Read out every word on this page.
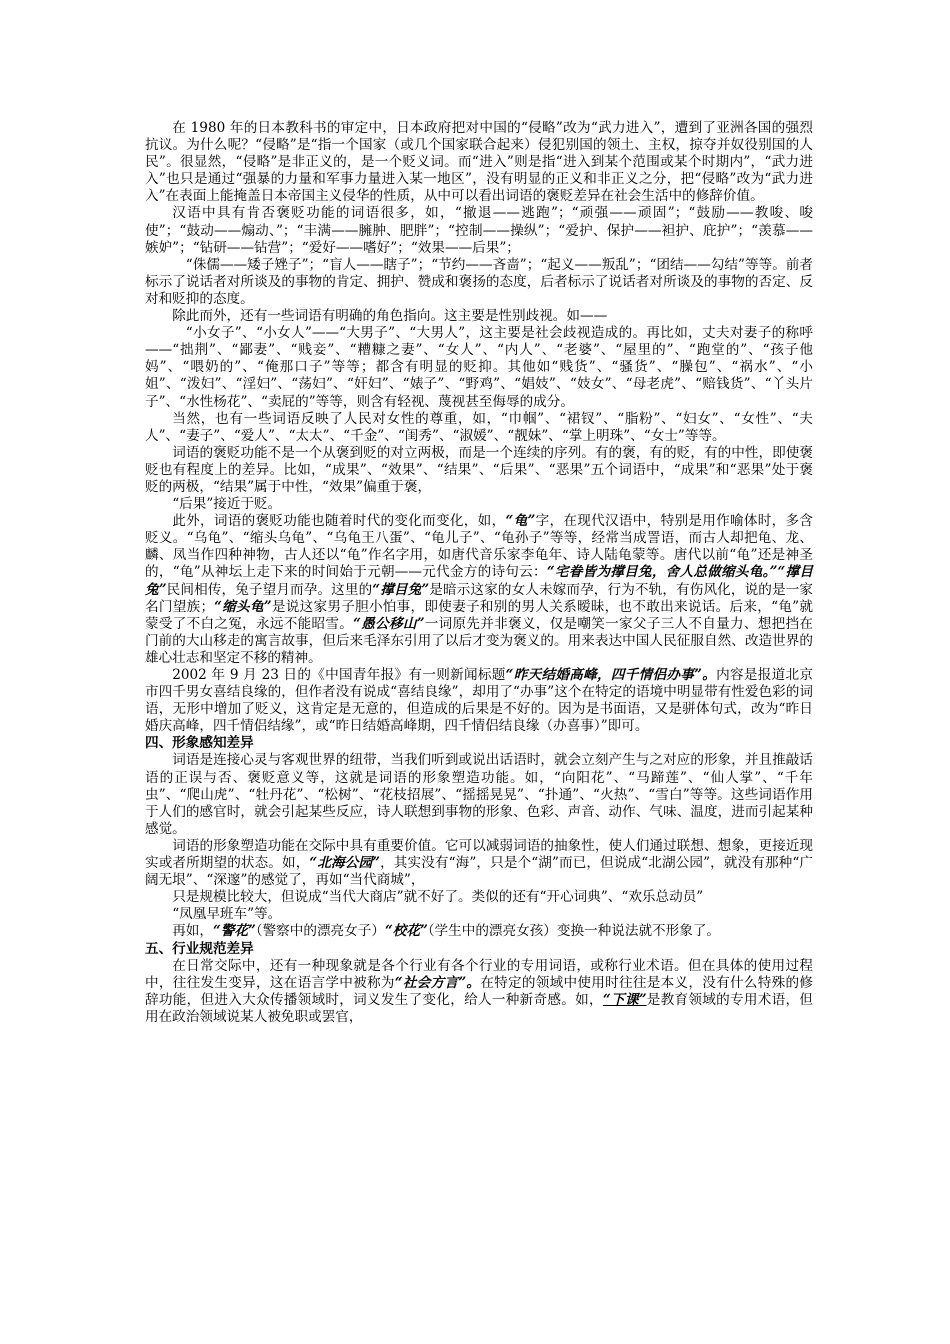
在 1980 年的日本教科书的审定中，日本政府把对中国的“侵略”改为“武力进入”，遭到了亚洲各国的强烈抗议。为什么呢？“侵略”是“指一个国家（或几个国家联合起来）侵犯别国的领土、主权，掠夺并奴役别国的人民”。很显然，“侵略”是非正义的，是一个贬义词。而“进入”则是指“进入到某个范围或某个时期内”，“武力进入”也只是通过“强暴的力量和军事力量进入某一地区”，没有明显的正义和非正义之分，把“侵略”改为“武力进入”在表面上能掩盖日本帝国主义侵华的性质，从中可以看出词语的褒贬差异在社会生活中的修辞价值。

汉语中具有肯否褒贬功能的词语很多，如，“撤退——逃跑”；“顽强——顽固”；“鼓励——教唆、唆使”；“鼓动——煽动、”；“丰满——臃肿、肥胖”；“控制——操纵”；“爱护、保护——袒护、庇护”；“羡慕——嫉妒”；“钻研——钻营”；“爱好——嗜好”；“效果——后果”；

“侏儒——矮子矬子”；“盲人——瞎子”；“节约——吝啬”；“起义——叛乱”；“团结——勾结”等等。前者标示了说话者对所谈及的事物的肯定、拥护、赞成和褒扬的态度，后者标示了说话者对所谈及的事物的否定、反对和贬抑的态度。

除此而外，还有一些词语有明确的角色指向。这主要是性别歧视。如——

“小女子”、“小女人”——“大男子”、“大男人”，这主要是社会歧视造成的。再比如，丈夫对妻子的称呼——“拙荆”、“鄙妻”、“贱妾”、“糟糠之妻”、“女人”、“内人”、“老婆”、“屋里的”、“跑堂的”、“孩子他妈”、“喂奶的”、“俺那口子”等等；都含有明显的贬抑。其他如“贱货”、“骚货”、“臊包”、“祸水”、“小姐”、“泼妇”、“淫妇”、“荡妇”、“奸妇”、“婊子”、“野鸡”、“娼妓”、“妓女”、“母老虎”、“赔钱货”、“丫头片子”、“水性杨花”、“卖屁的”等等，则含有轻视、蔑视甚至侮辱的成分。

当然，也有一些词语反映了人民对女性的尊重，如，“巾帼”、“裙钗”、“脂粉”、“妇女”、“女性”、“夫人”、“妻子”、“爱人”、“太太”、“千金”、“闺秀”、“淑媛”、“靓妹”、“掌上明珠”、“女士”等等。

词语的褒贬功能不是一个从褒到贬的对立两极，而是一个连续的序列。有的褒，有的贬，有的中性，即使褒贬也有程度上的差异。比如，“成果”、“效果”、“结果”、“后果”、“恶果”五个词语中，“成果”和“恶果”处于褒贬的两极，“结果”属于中性，“效果”偏重于褒，

“后果”接近于贬。

此外，词语的褒贬功能也随着时代的变化而变化，如，“龟”字，在现代汉语中，特别是用作喻体时，多含贬义。“乌龟”、“缩头乌龟”、“乌龟王八蛋”、“龟儿子”、“龟孙子”等等，经常当成詈语，而古人却把龟、龙、麟、凤当作四种神物，古人还以“龟”作名字用，如唐代音乐家李龟年、诗人陆龟蒙等。唐代以前“龟”还是神圣的，“龟”从神坛上走下来的时间始于元朝——元代金方的诗句云：“宅眷皆为撑目兔，舍人总做缩头龟。”“撑目兔”民间相传，兔子望月而孕。这里的“撑目兔”是暗示这家的女人未嫁而孕，行为不轨，有伤风化，说的是一家名门望族；“缩头龟”是说这家男子胆小怕事，即使妻子和别的男人关系暧昧，也不敢出来说话。后来，“龟”就蒙受了不白之冤，永远不能昭雪。“愚公移山”一词原先并非褒义，仅是嘲笑一家父子三人不自量力、想把挡在门前的大山移走的寓言故事，但后来毛泽东引用了以后才变为褒义的。用来表达中国人民征服自然、改造世界的雄心壮志和坚定不移的精神。

2002 年 9 月 23 日的《中国青年报》有一则新闻标题“昨天结婚高峰，四千情侣办事”。内容是报道北京市四千男女喜结良缘的，但作者没有说成“喜结良缘”，却用了“办事”这个在特定的语境中明显带有性爱色彩的词语，无形中增加了贬义，这肯定是无意的，但造成的后果是不好的。因为是书面语，又是骈体句式，改为“昨日婚庆高峰，四千情侣结缘”，或“昨日结婚高峰期，四千情侣结良缘（办喜事）”即可。

四、形象感知差异

词语是连接心灵与客观世界的纽带，当我们听到或说出话语时，就会立刻产生与之对应的形象，并且推敲话语的正误与否、褒贬意义等，这就是词语的形象塑造功能。如，“向阳花”、“马蹄莲”、“仙人掌”、“千年虫”、“爬山虎”、“牡丹花”、“松树”、“花枝招展”、“摇摇晃晃”、“扑通”、“火热”、“雪白”等等。这些词语作用于人们的感官时，就会引起某些反应，诗人联想到事物的形象、色彩、声音、动作、气味、温度，进而引起某种感觉。

词语的形象塑造功能在交际中具有重要价值。它可以减弱词语的抽象性，使人们通过联想、想象，更接近现实或者所期望的状态。如，“北海公园”，其实没有“海”，只是个“湖”而已，但说成“北湖公园”，就没有那种“广阔无垠”、“深邃”的感觉了，再如“当代商城”，

只是规模比较大，但说成“当代大商店”就不好了。类似的还有“开心词典”、“欢乐总动员”

“凤凰早班车”等。

再如，“警花”（警察中的漂亮女子）“校花”（学生中的漂亮女孩）变换一种说法就不形象了。

五、行业规范差异

在日常交际中，还有一种现象就是各个行业有各个行业的专用词语，或称行业术语。但在具体的使用过程中，往往发生变异，这在语言学中被称为“社会方言”。在特定的领域中使用时往往是本义，没有什么特殊的修辞功能，但进入大众传播领域时，词义发生了变化，给人一种新奇感。如，“下课”是教育领域的专用术语，但用在政治领域说某人被免职或罢官，
